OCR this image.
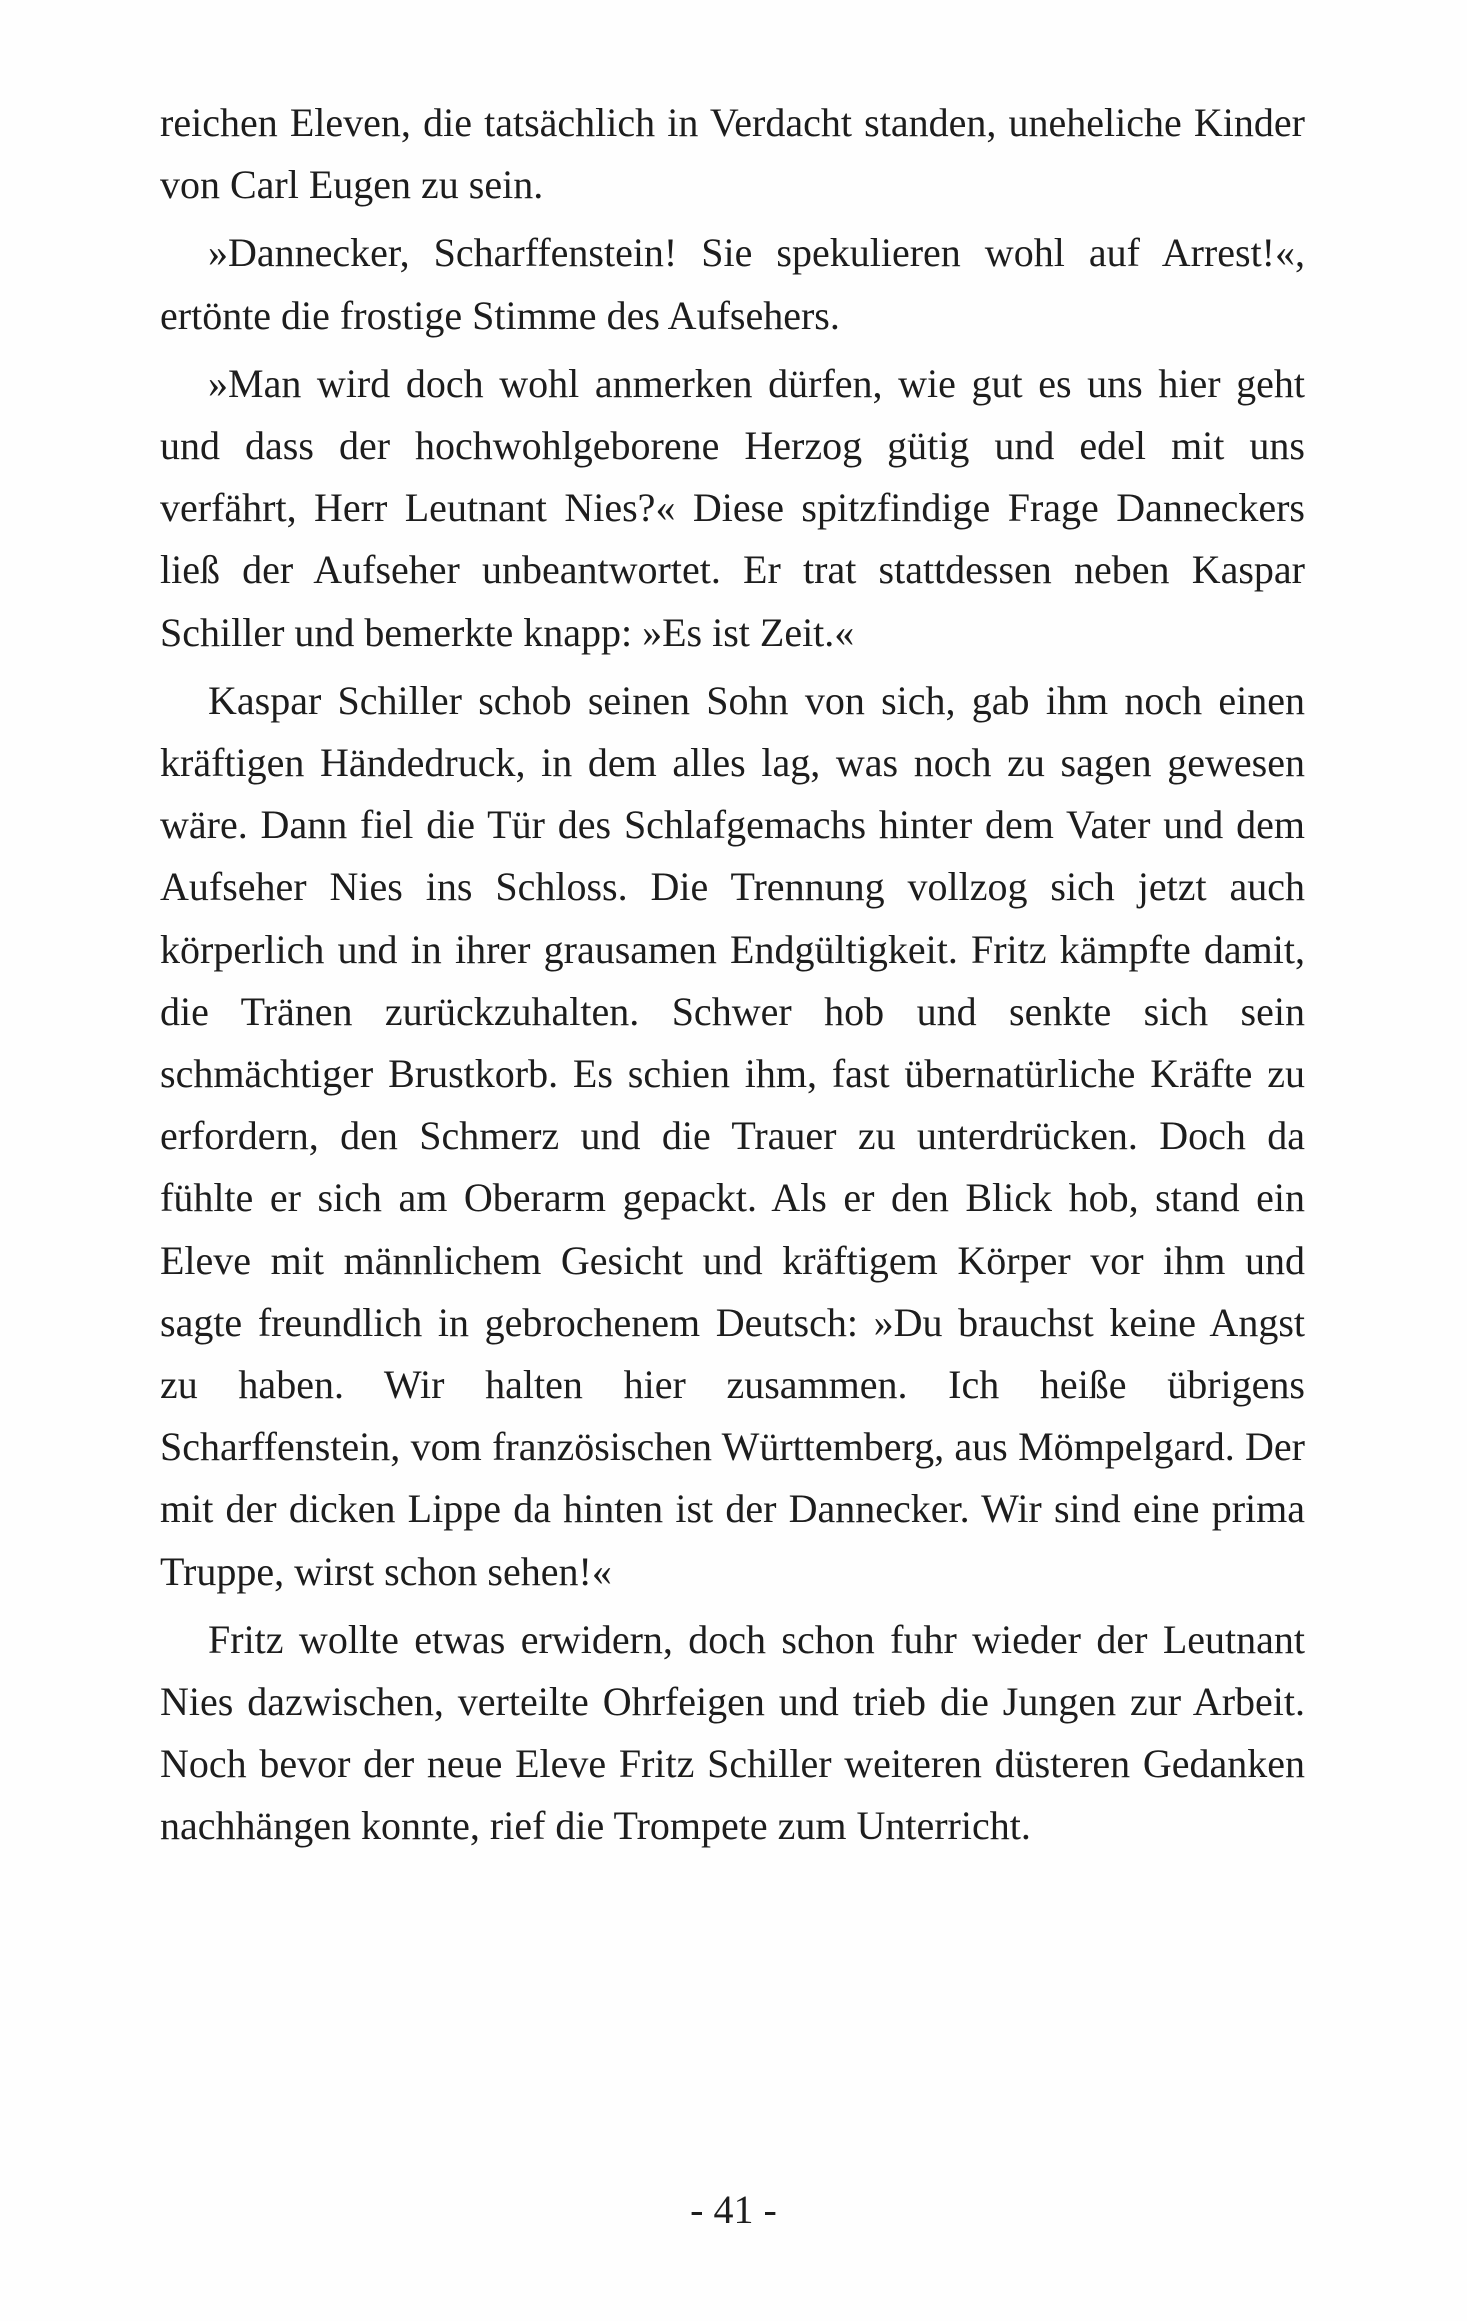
reichen Eleven, die tatsächlich in Verdacht standen, uneheliche Kinder von Carl Eugen zu sein.

»Dannecker, Scharffenstein! Sie spekulieren wohl auf Arrest!«, ertönte die frostige Stimme des Aufsehers.

»Man wird doch wohl anmerken dürfen, wie gut es uns hier geht und dass der hochwohlgeborene Herzog gütig und edel mit uns verfährt, Herr Leutnant Nies?« Diese spitzfindige Frage Danneckers ließ der Aufseher unbeantwortet. Er trat stattdessen neben Kaspar Schiller und bemerkte knapp: »Es ist Zeit.«

Kaspar Schiller schob seinen Sohn von sich, gab ihm noch einen kräftigen Händedruck, in dem alles lag, was noch zu sagen gewesen wäre. Dann fiel die Tür des Schlafgemachs hinter dem Vater und dem Aufseher Nies ins Schloss. Die Trennung vollzog sich jetzt auch körperlich und in ihrer grausamen Endgültigkeit. Fritz kämpfte damit, die Tränen zurückzuhalten. Schwer hob und senkte sich sein schmächtiger Brustkorb. Es schien ihm, fast übernatürliche Kräfte zu erfordern, den Schmerz und die Trauer zu unterdrücken. Doch da fühlte er sich am Oberarm gepackt. Als er den Blick hob, stand ein Eleve mit männlichem Gesicht und kräftigem Körper vor ihm und sagte freundlich in gebrochenem Deutsch: »Du brauchst keine Angst zu haben. Wir halten hier zusammen. Ich heiße übrigens Scharffenstein, vom französischen Württemberg, aus Mömpelgard. Der mit der dicken Lippe da hinten ist der Dannecker. Wir sind eine prima Truppe, wirst schon sehen!«

Fritz wollte etwas erwidern, doch schon fuhr wieder der Leutnant Nies dazwischen, verteilte Ohrfeigen und trieb die Jungen zur Arbeit. Noch bevor der neue Eleve Fritz Schiller weiteren düsteren Gedanken nachhängen konnte, rief die Trompete zum Unterricht.

- 41 -
